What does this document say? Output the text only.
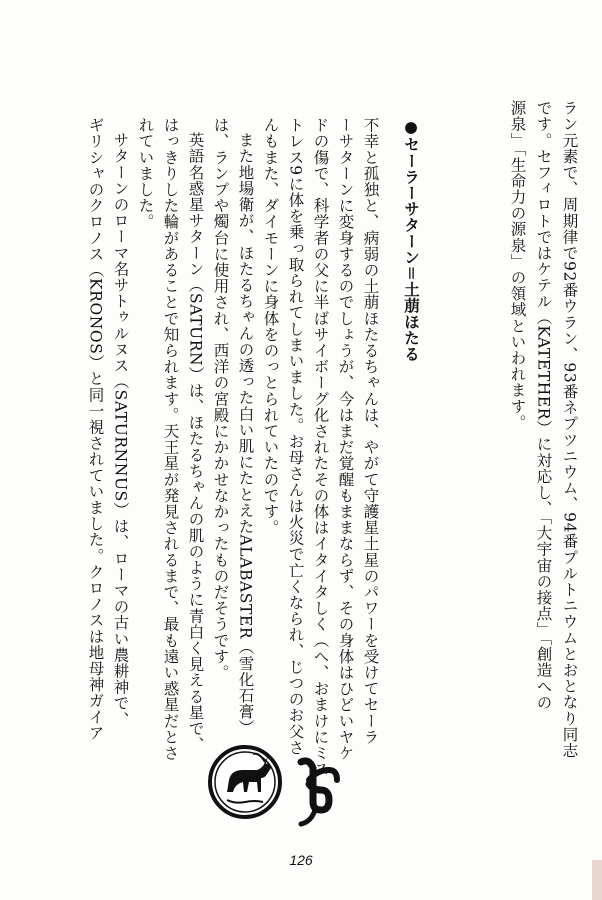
ラン元素で、周期律で92番ウラン、93番ネプツニウム、94番プルトニウムとおとなり同志
です。セフィロトではケテル（KATETHER）に対応し、「大宇宙の接点」「創造への
源泉」「生命力の源泉」の領域といわれます。
●セーラーサターン＝土萠ほたる
不幸と孤独と、病弱の土萠ほたるちゃんは、やがて守護星土星のパワーを受けてセーラ
ーサターンに変身するのでしょうが、今はまだ覚醒もままならず、その身体はひどいヤケ
ドの傷で、科学者の父に半ばサイボーグ化されたその体はイタイタしく（へ、おまけにミス
トレス9に体を乗っ取られてしまいました。お母さんは火災で亡くなられ、じつのお父さ
んもまた、ダイモーンに身体をのっとられていたのです。
また地場衛が、ほたるちゃんの透った白い肌にたとえたALABASTER（雪化石膏）
は、ランプや燭台に使用され、西洋の宮殿にかかせなかったものだそうです。
英語名惑星サターン（SATURN）は、ほたるちゃんの肌のように青白く見える星で、
はっきりした輪があることで知られます。天王星が発見されるまで、最も遠い惑星だとさ
れていました。
サターンのローマ名サトゥルヌス（SATURNNUS）は、ローマの古い農耕神で、
ギリシャのクロノス（KRONOS）と同一視されていました。クロノスは地母神ガイア
126
